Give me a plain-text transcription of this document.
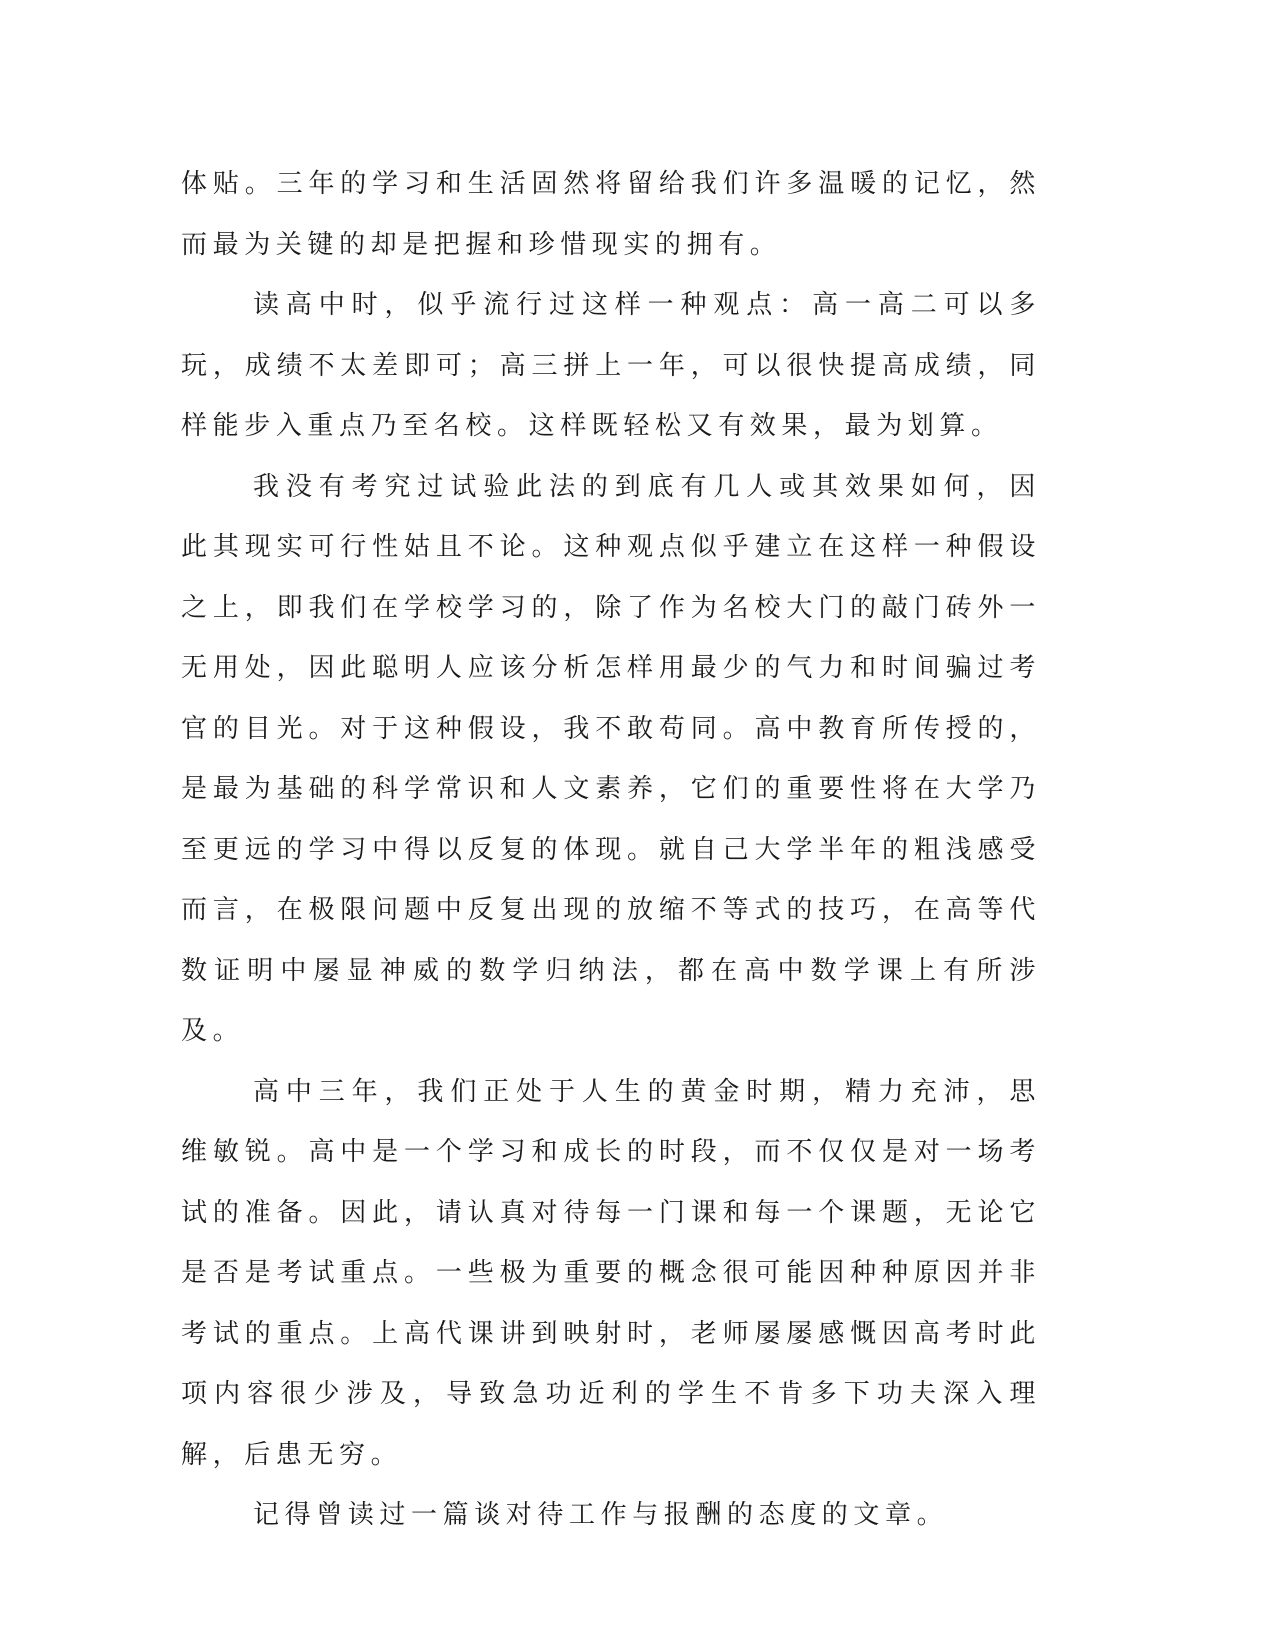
体贴。三年的学习和生活固然将留给我们许多温暖的记忆，然而最为关键的却是把握和珍惜现实的拥有。

读高中时，似乎流行过这样一种观点：高一高二可以多玩，成绩不太差即可；高三拼上一年，可以很快提高成绩，同样能步入重点乃至名校。这样既轻松又有效果，最为划算。

我没有考究过试验此法的到底有几人或其效果如何，因此其现实可行性姑且不论。这种观点似乎建立在这样一种假设之上，即我们在学校学习的，除了作为名校大门的敲门砖外一无用处，因此聪明人应该分析怎样用最少的气力和时间骗过考官的目光。对于这种假设，我不敢苟同。高中教育所传授的，是最为基础的科学常识和人文素养，它们的重要性将在大学乃至更远的学习中得以反复的体现。就自己大学半年的粗浅感受而言，在极限问题中反复出现的放缩不等式的技巧，在高等代数证明中屡显神威的数学归纳法，都在高中数学课上有所涉及。

高中三年，我们正处于人生的黄金时期，精力充沛，思维敏锐。高中是一个学习和成长的时段，而不仅仅是对一场考试的准备。因此，请认真对待每一门课和每一个课题，无论它是否是考试重点。一些极为重要的概念很可能因种种原因并非考试的重点。上高代课讲到映射时，老师屡屡感慨因高考时此项内容很少涉及，导致急功近利的学生不肯多下功夫深入理解，后患无穷。

记得曾读过一篇谈对待工作与报酬的态度的文章。
